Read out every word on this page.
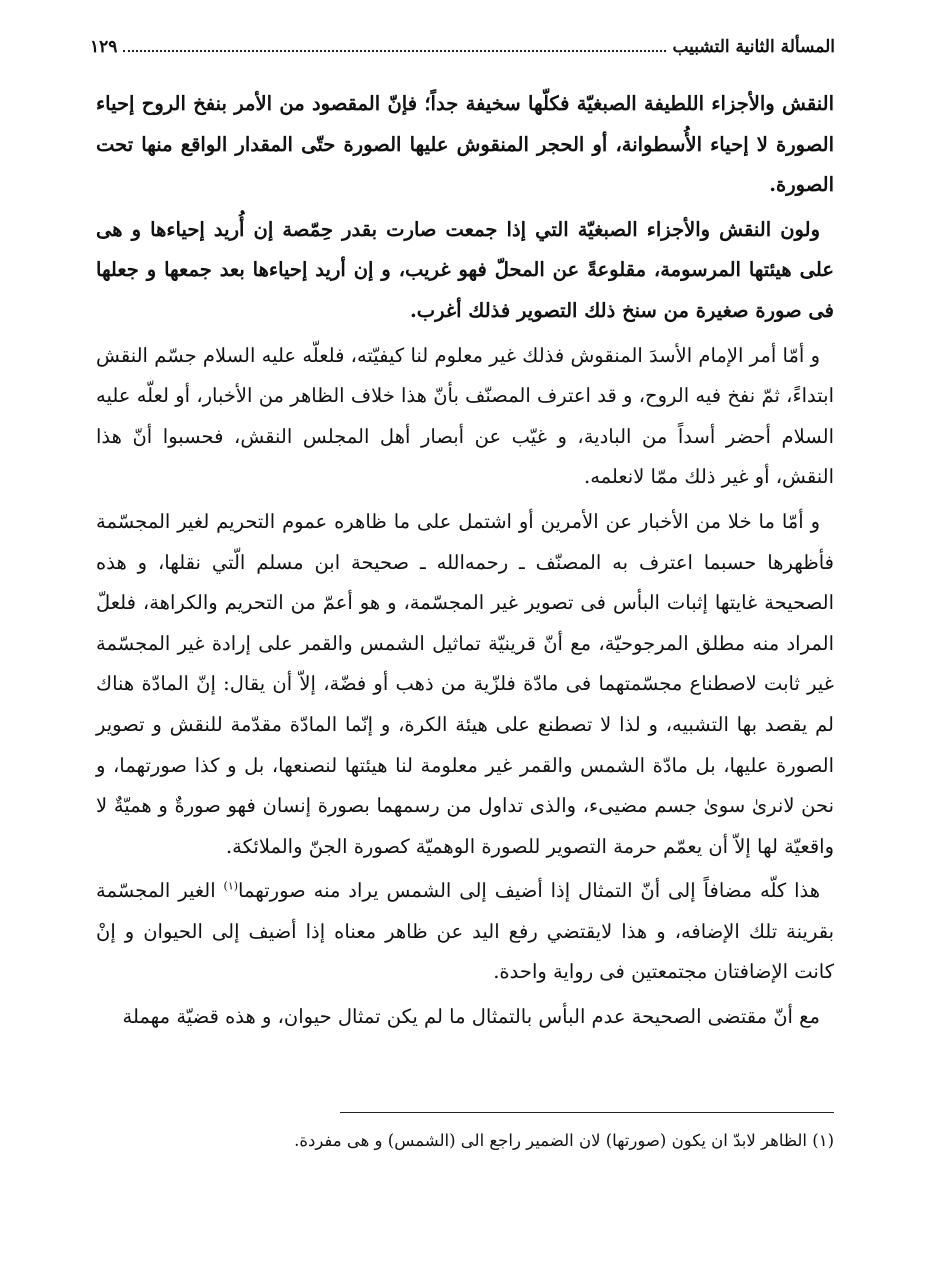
المسألة الثانية التشبيب
١٢٩

النقش والأجزاء اللطيفة الصبغيّة فكلّها سخيفة جداً؛ فإنّ المقصود من الأمر بنفخ الروح إحياء الصورة لا إحياء الأُسطوانة، أو الحجر المنقوش عليها الصورة حتّى المقدار الواقع منها تحت الصورة.

ولون النقش والأجزاء الصبغيّة التي إذا جمعت صارت بقدر حِمّصة إن أُريد إحياءها و هى على هيئتها المرسومة، مقلوعةً عن المحلّ فهو غريب، و إن أريد إحياءها بعد جمعها و جعلها فى صورة صغيرة من سنخ ذلك التصوير فذلك أغرب.

و أمّا أمر الإمام الأسدَ المنقوش فذلك غير معلوم لنا كيفيّته، فلعلّه عليه السلام جسّم النقش ابتداءً، ثمّ نفخ فيه الروح، و قد اعترف المصنّف بأنّ هذا خلاف الظاهر من الأخبار، أو لعلّه عليه السلام أحضر أسداً من البادية، و غيّب عن أبصار أهل المجلس النقش، فحسبوا أنّ هذا النقش، أو غير ذلك ممّا لانعلمه.

و أمّا ما خلا من الأخبار عن الأمرين أو اشتمل على ما ظاهره عموم التحريم لغير المجسّمة فأظهرها حسبما اعترف به المصنّف ـ رحمه‌الله ـ صحيحة ابن مسلم الّتي نقلها، و هذه الصحيحة غايتها إثبات البأس فى تصوير غير المجسّمة، و هو أعمّ من التحريم والكراهة، فلعلّ المراد منه مطلق المرجوحيّة، مع أنّ قرينيّة تماثيل الشمس والقمر على إرادة غير المجسّمة غير ثابت لاصطناع مجسّمتهما فى مادّة فلزّية من ذهب أو فضّة، إلاّ أن يقال: إنّ المادّة هناك لم يقصد بها التشبيه، و لذا لا تصطنع على هيئة الكرة، و إنّما المادّة مقدّمة للنقش و تصوير الصورة عليها، بل مادّة الشمس والقمر غير معلومة لنا هيئتها لنصنعها، بل و كذا صورتهما، و نحن لانرىٰ سوىٰ جسم مضيىء، والذى تداول من رسمهما بصورة إنسان فهو صورةٌ و هميّةٌ لا واقعيّة لها إلاّ أن يعمّم حرمة التصوير للصورة الوهميّة كصورة الجنّ والملائكة.

هذا كلّه مضافاً إلى أنّ التمثال إذا أضيف إلى الشمس يراد منه صورتهما$^{(١)}$ الغير المجسّمة بقرينة تلك الإضافه، و هذا لايقتضي رفع اليد عن ظاهر معناه إذا أضيف إلى الحيوان و إنْ كانت الإضافتان مجتمعتين فى رواية واحدة.

مع أنّ مقتضى الصحيحة عدم البأس بالتمثال ما لم يكن تمثال حيوان، و هذه قضيّة مهملة

(١) الظاهر لابدّ ان يكون (صورتها) لان الضمير راجع الى (الشمس) و هى مفردة.
